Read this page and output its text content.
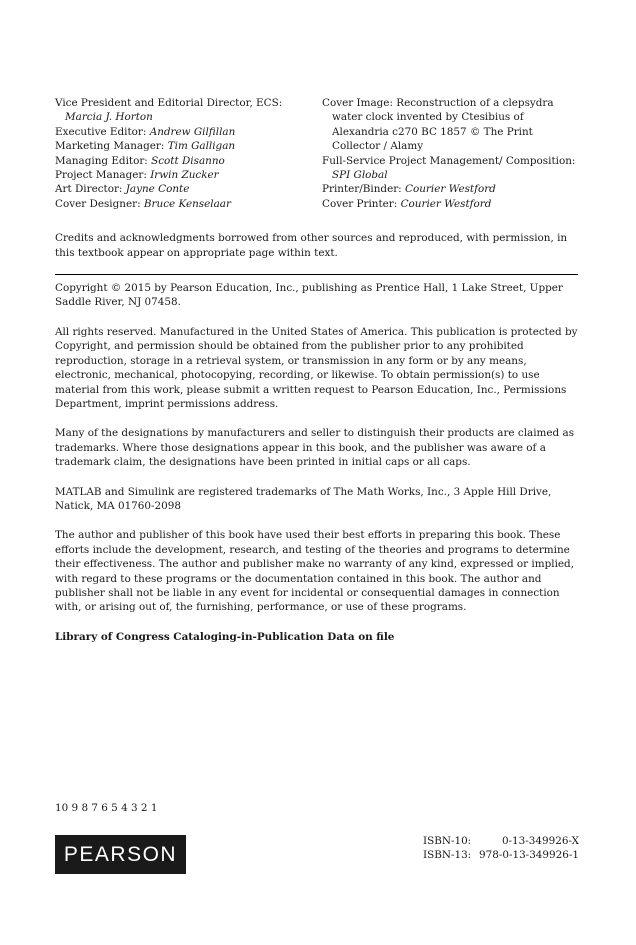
Vice President and Editorial Director, ECS: Marcia J. Horton
Executive Editor: Andrew Gilfillan
Marketing Manager: Tim Galligan
Managing Editor: Scott Disanno
Project Manager: Irwin Zucker
Art Director: Jayne Conte
Cover Designer: Bruce Kenselaar
Cover Image: Reconstruction of a clepsydra water clock invented by Ctesibius of Alexandria c270 BC 1857 © The Print Collector / Alamy
Full-Service Project Management/ Composition: SPI Global
Printer/Binder: Courier Westford
Cover Printer: Courier Westford

Credits and acknowledgments borrowed from other sources and reproduced, with permission, in this textbook appear on appropriate page within text.

Copyright © 2015 by Pearson Education, Inc., publishing as Prentice Hall, 1 Lake Street, Upper Saddle River, NJ 07458.

All rights reserved. Manufactured in the United States of America. This publication is protected by Copyright, and permission should be obtained from the publisher prior to any prohibited reproduction, storage in a retrieval system, or transmission in any form or by any means, electronic, mechanical, photocopying, recording, or likewise. To obtain permission(s) to use material from this work, please submit a written request to Pearson Education, Inc., Permissions Department, imprint permissions address.

Many of the designations by manufacturers and seller to distinguish their products are claimed as trademarks. Where those designations appear in this book, and the publisher was aware of a trademark claim, the designations have been printed in initial caps or all caps.

MATLAB and Simulink are registered trademarks of The Math Works, Inc., 3 Apple Hill Drive, Natick, MA 01760-2098

The author and publisher of this book have used their best efforts in preparing this book. These efforts include the development, research, and testing of the theories and programs to determine their effectiveness. The author and publisher make no warranty of any kind, expressed or implied, with regard to these programs or the documentation contained in this book. The author and publisher shall not be liable in any event for incidental or consequential damages in connection with, or arising out of, the furnishing, performance, or use of these programs.

Library of Congress Cataloging-in-Publication Data on file

10 9 8 7 6 5 4 3 2 1
PEARSON
ISBN-10:	0-13-349926-X
ISBN-13: 978-0-13-349926-1
